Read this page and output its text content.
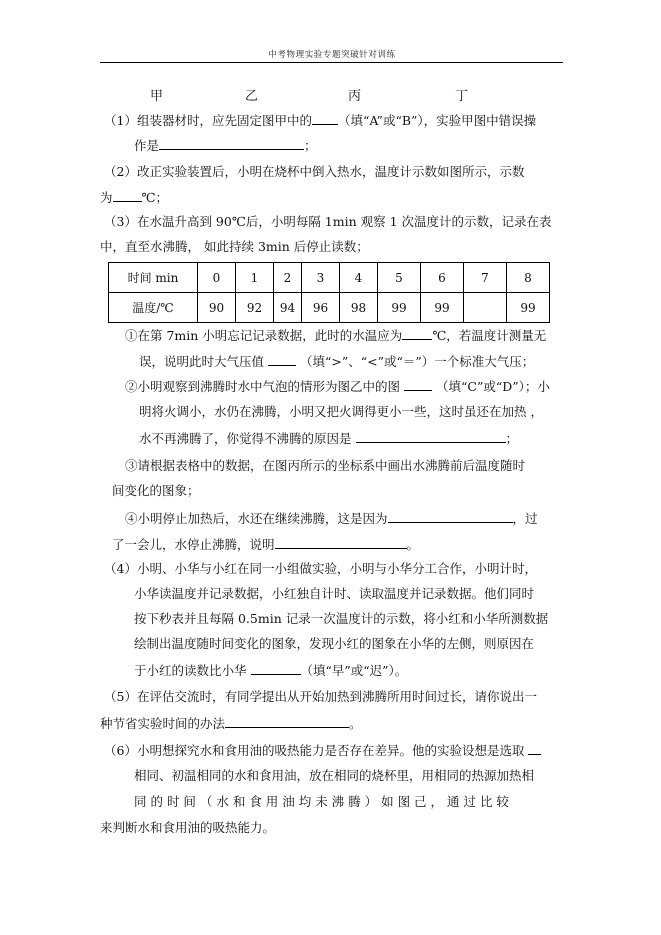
中考物理实验专题突破针对训练
甲	乙	丙	丁
（1）组装器材时，应先固定图甲中的 （填“A”或“B”），实验甲图中错误操
作是	；
（2）改正实验装置后，小明在烧杯中倒入热水，温度计示数如图所示，示数
为 ℃；
（3）在水温升高到 90℃后，小明每隔 1min 观察 1 次温度计的示数，记录在表
中，直至水沸腾， 如此持续 3min 后停止读数；
时间 min	0	1	2	3	4	5	6	7	8
温度/℃	90	92	94	96	98	99	99		99
①在第 7min 小明忘记记录数据，此时的水温应为 ℃，若温度计测量无
误，说明此时大气压值	（填“>”、“<”或“＝”）一个标准大气压；
②小明观察到沸腾时水中气泡的情形为图乙中的图	（填“C”或“D”）；小
明将火调小，水仍在沸腾，小明又把火调得更小一些，这时虽还在加热 ，
水不再沸腾了，你觉得不沸腾的原因是	；
③请根据表格中的数据，在图丙所示的坐标系中画出水沸腾前后温度随时
间变化的图象；
④小明停止加热后，水还在继续沸腾，这是因为	，过
了一会儿，水停止沸腾，说明	。
（4）小明、小华与小红在同一小组做实验，小明与小华分工合作，小明计时，
小华读温度并记录数据，小红独自计时、读取温度并记录数据。他们同时
按下秒表并且每隔 0.5min 记录一次温度计的示数，将小红和小华所测数据
绘制出温度随时间变化的图象，发现小红的图象在小华的左侧，则原因在
于小红的读数比小华	（填“早”或“迟”）。
（5）在评估交流时，有同学提出从开始加热到沸腾所用时间过长，请你说出一
种节省实验时间的办法	。
（6）小明想探究水和食用油的吸热能力是否存在差异。他的实验设想是选取
相同、初温相同的水和食用油，放在相同的烧杯里，用相同的热源加热相
同 的 时 间 （ 水 和 食 用 油 均 未 沸 腾 ） 如 图 己 ， 通 过 比 较
来判断水和食用油的吸热能力。
